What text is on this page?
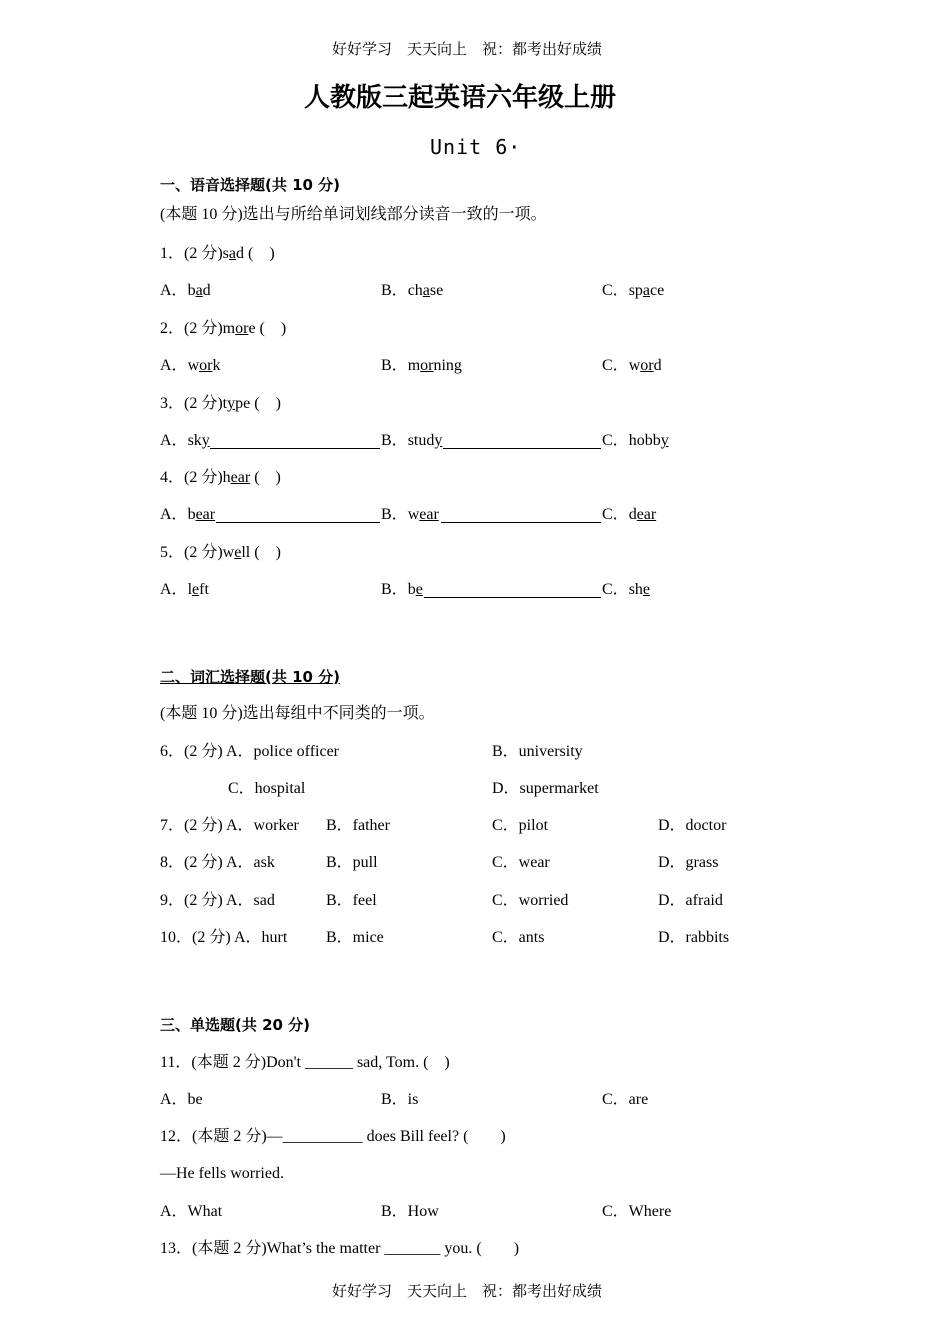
好好学习　天天向上　祝：都考出好成绩
人教版三起英语六年级上册
Unit 6·
一、语音选择题(共 10 分)
(本题 10 分)选出与所给单词划线部分读音一致的一项。
1．(2 分)sad (　 )
A．bad	B．chase	C．space
2．(2 分)more (　 )
A．work	B．morning	C．word
3．(2 分)type (　 )
A．sky	B．study	C．hobby
4．(2 分)hear (　 )
A．bear	B．wear	C．dear
5．(2 分)well (　 )
A．left	B．be	C．she
二、词汇选择题(共 10 分)
(本题 10 分)选出每组中不同类的一项。
6．(2 分) A．police officer	B．university
C．hospital	D．supermarket
7．(2 分) A．worker B．father	C．pilot	D．doctor
8．(2 分) A．ask	B．pull	C．wear	D．grass
9．(2 分) A．sad	B．feel	C．worried	D．afraid
10．(2 分) A．hurt B．mice	C．ants	D．rabbits
三、单选题(共 20 分)
11．(本题 2 分)Don't ______ sad, Tom. (　)
A．be	B．is	C．are
12．(本题 2 分)—__________ does Bill feel? (　　)
—He fells worried.
A．What	B．How	C．Where
13．(本题 2 分)What’s the matter _______ you. (　　)
好好学习　天天向上　祝：都考出好成绩
